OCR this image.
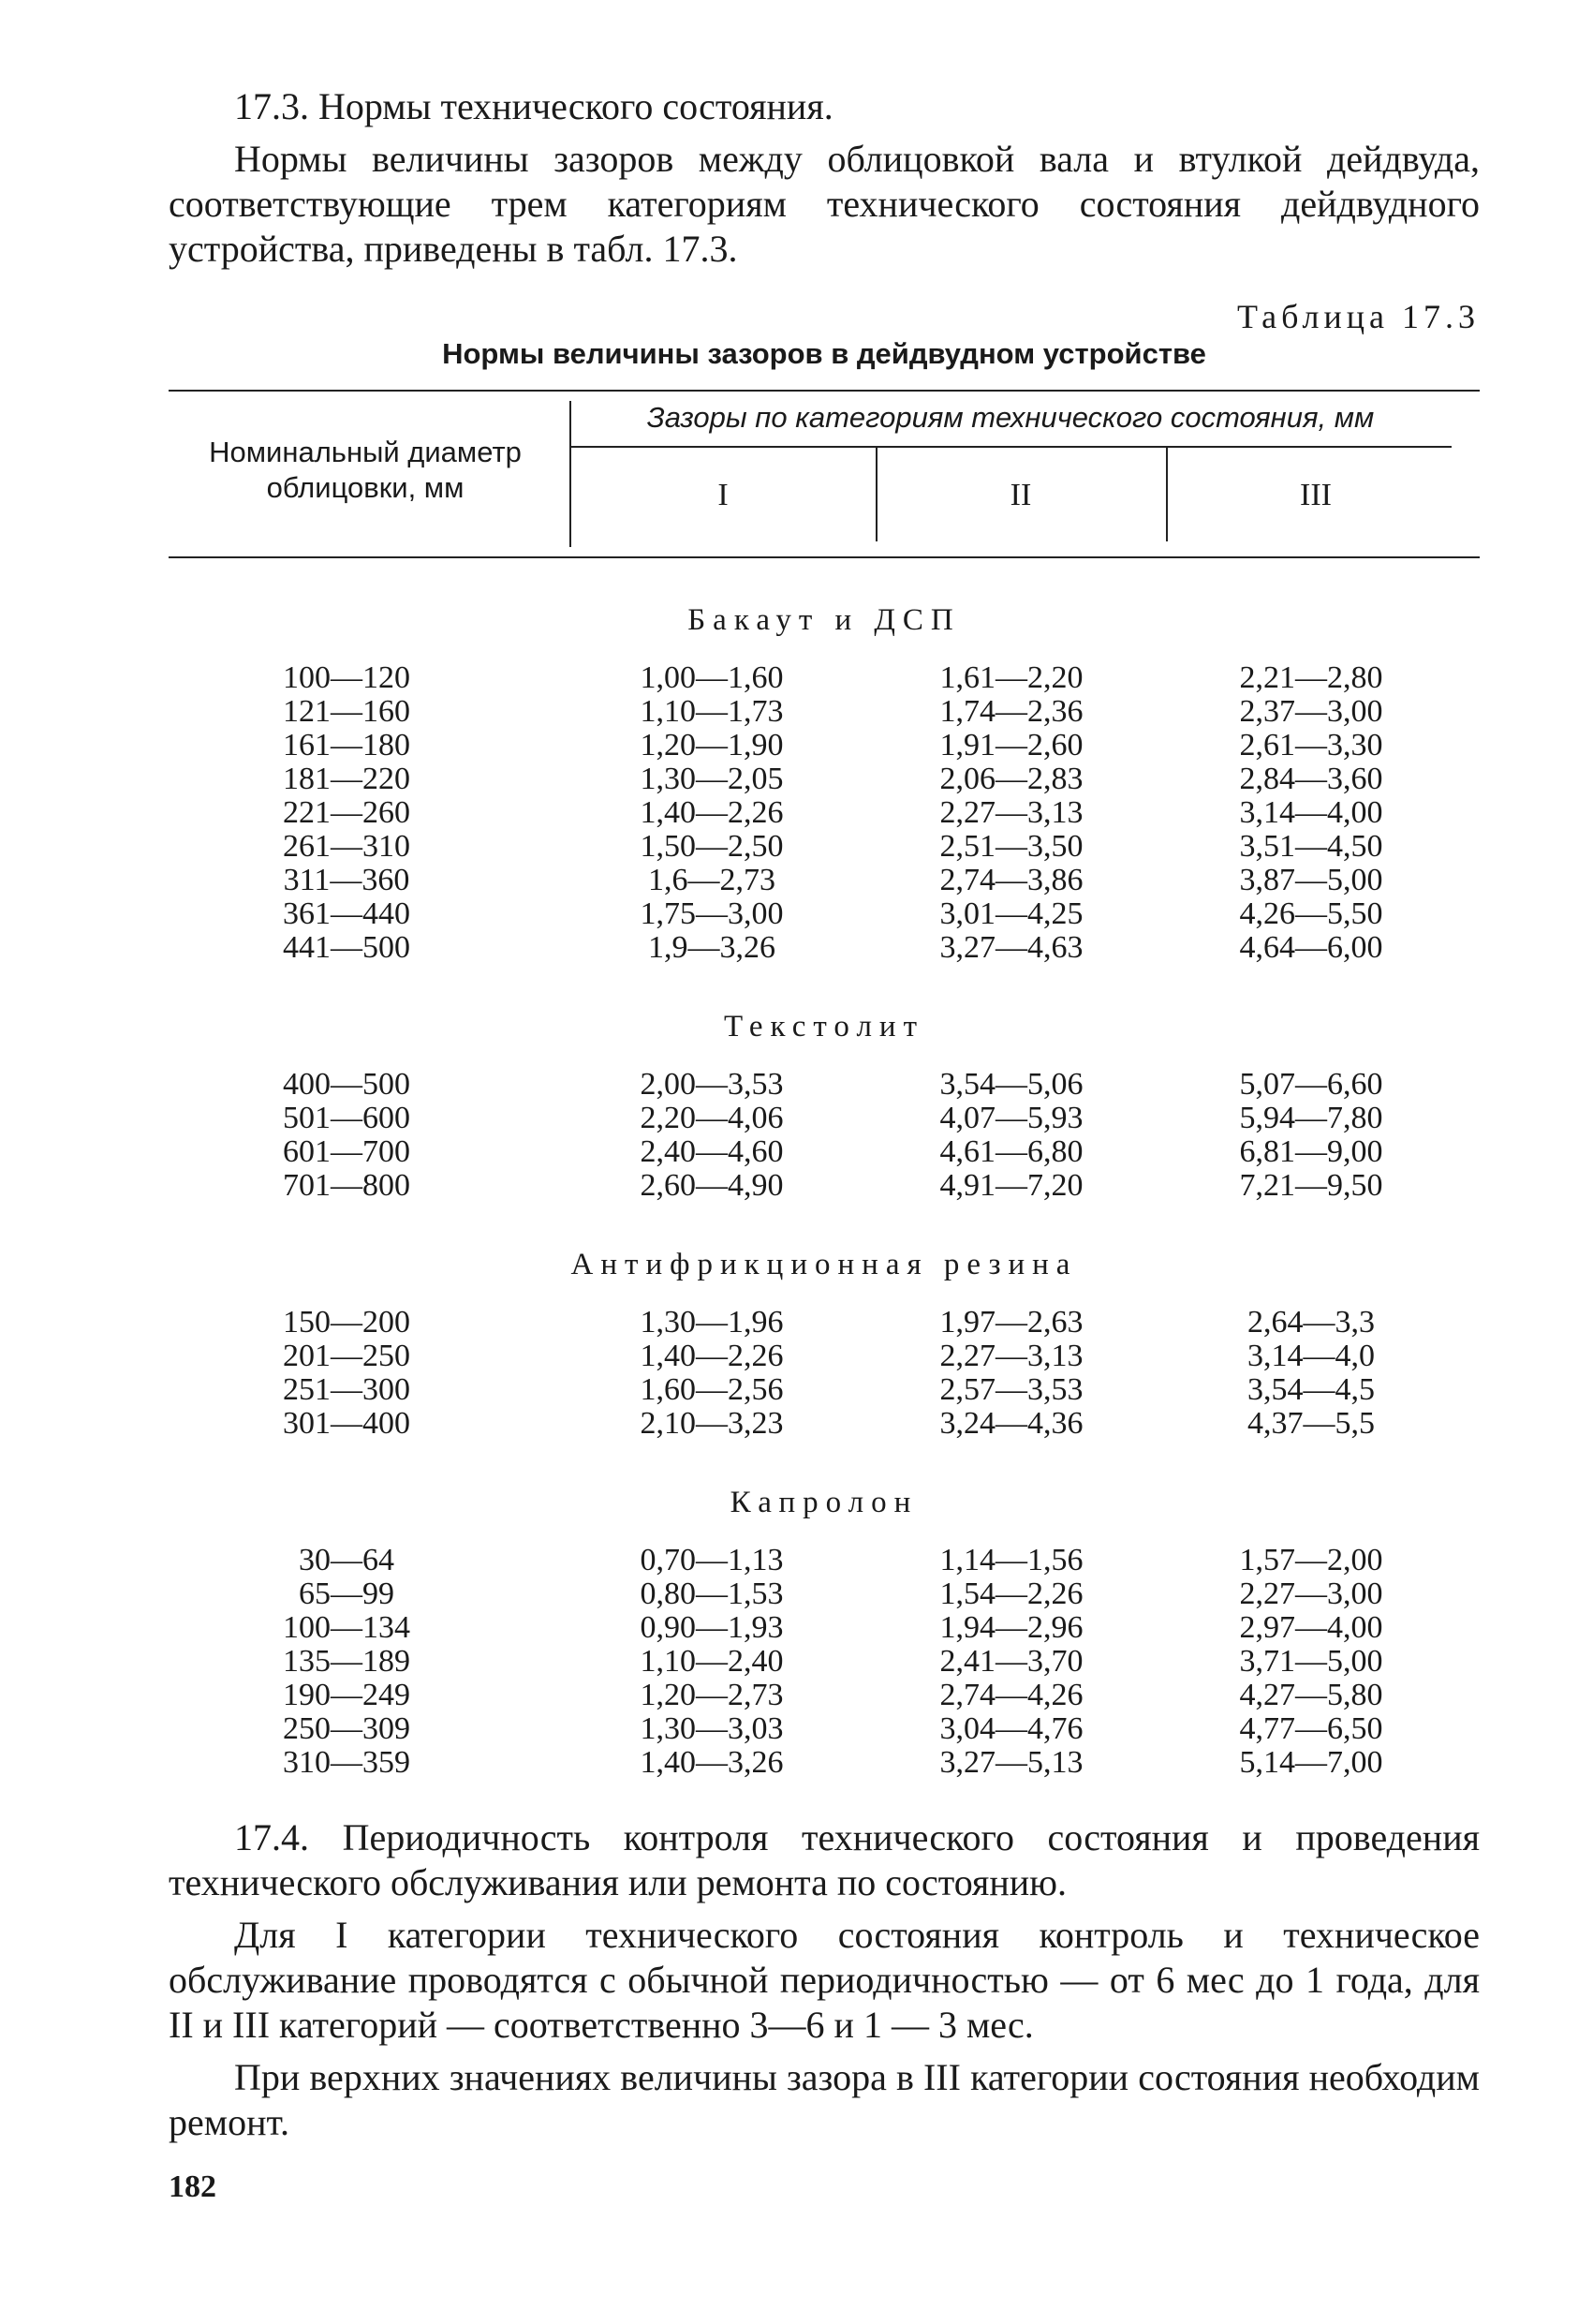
17.3. Нормы технического состояния.

Нормы величины зазоров между облицовкой вала и втулкой дейдвуда, соответствующие трем категориям технического состояния дейдвудного устройства, приведены в табл. 17.3.

Таблица 17.3
Нормы величины зазоров в дейдвудном устройстве
Номинальный диаметр облицовки, мм
Зазоры по категориям технического состояния, мм
I	II	III
Бакаут и ДСП
100—120	1,00—1,60	1,61—2,20	2,21—2,80
121—160	1,10—1,73	1,74—2,36	2,37—3,00
161—180	1,20—1,90	1,91—2,60	2,61—3,30
181—220	1,30—2,05	2,06—2,83	2,84—3,60
221—260	1,40—2,26	2,27—3,13	3,14—4,00
261—310	1,50—2,50	2,51—3,50	3,51—4,50
311—360	1,6—2,73	2,74—3,86	3,87—5,00
361—440	1,75—3,00	3,01—4,25	4,26—5,50
441—500	1,9—3,26	3,27—4,63	4,64—6,00
Текстолит
400—500	2,00—3,53	3,54—5,06	5,07—6,60
501—600	2,20—4,06	4,07—5,93	5,94—7,80
601—700	2,40—4,60	4,61—6,80	6,81—9,00
701—800	2,60—4,90	4,91—7,20	7,21—9,50
Антифрикционная резина
150—200	1,30—1,96	1,97—2,63	2,64—3,3
201—250	1,40—2,26	2,27—3,13	3,14—4,0
251—300	1,60—2,56	2,57—3,53	3,54—4,5
301—400	2,10—3,23	3,24—4,36	4,37—5,5
Капролон
30—64	0,70—1,13	1,14—1,56	1,57—2,00
65—99	0,80—1,53	1,54—2,26	2,27—3,00
100—134	0,90—1,93	1,94—2,96	2,97—4,00
135—189	1,10—2,40	2,41—3,70	3,71—5,00
190—249	1,20—2,73	2,74—4,26	4,27—5,80
250—309	1,30—3,03	3,04—4,76	4,77—6,50
310—359	1,40—3,26	3,27—5,13	5,14—7,00

17.4. Периодичность контроля технического состояния и проведения технического обслуживания или ремонта по состоянию.

Для I категории технического состояния контроль и техническое обслуживание проводятся с обычной периодичностью — от 6 мес до 1 года, для II и III категорий — соответственно 3—6 и 1 — 3 мес.

При верхних значениях величины зазора в III категории состояния необходим ремонт.

182
